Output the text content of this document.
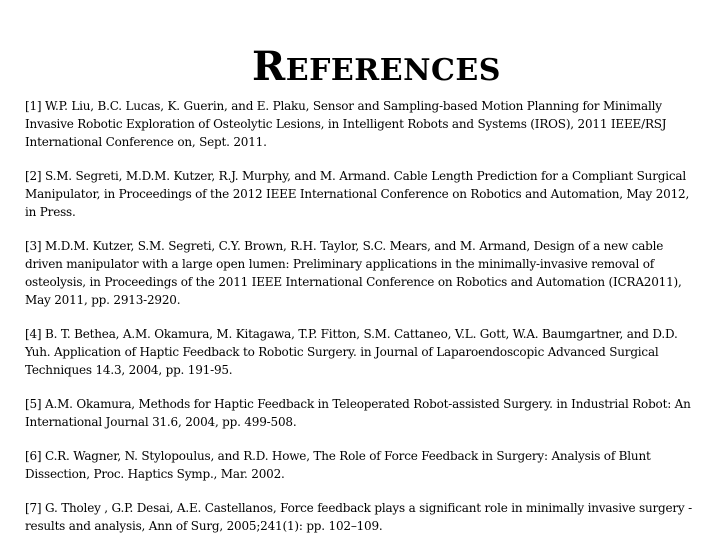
REFERENCES
[1] W.P. Liu, B.C. Lucas, K. Guerin, and E. Plaku, Sensor and Sampling-based Motion Planning for Minimally Invasive Robotic Exploration of Osteolytic Lesions, in Intelligent Robots and Systems (IROS), 2011 IEEE/RSJ International Conference on, Sept. 2011.
[2] S.M. Segreti, M.D.M. Kutzer, R.J. Murphy, and M. Armand. Cable Length Prediction for a Compliant Surgical Manipulator, in Proceedings of the 2012 IEEE International Conference on Robotics and Automation, May 2012, in Press.
[3] M.D.M. Kutzer, S.M. Segreti, C.Y. Brown, R.H. Taylor, S.C. Mears, and M. Armand, Design of a new cable driven manipulator with a large open lumen: Preliminary applications in the minimally-invasive removal of osteolysis, in Proceedings of the 2011 IEEE International Conference on Robotics and Automation (ICRA2011), May 2011, pp. 2913-2920.
[4] B. T. Bethea, A.M. Okamura, M. Kitagawa, T.P. Fitton, S.M. Cattaneo, V.L. Gott, W.A. Baumgartner, and D.D. Yuh. Application of Haptic Feedback to Robotic Surgery. in Journal of Laparoendoscopic Advanced Surgical Techniques 14.3, 2004, pp. 191-95.
[5] A.M. Okamura, Methods for Haptic Feedback in Teleoperated Robot-assisted Surgery. in Industrial Robot: An International Journal 31.6, 2004, pp. 499-508.
[6] C.R. Wagner, N. Stylopoulus, and R.D. Howe, The Role of Force Feedback in Surgery: Analysis of Blunt Dissection, Proc. Haptics Symp., Mar. 2002.
[7] G. Tholey , G.P. Desai, A.E. Castellanos, Force feedback plays a significant role in minimally invasive surgery - results and analysis, Ann of Surg, 2005;241(1): pp. 102–109.
